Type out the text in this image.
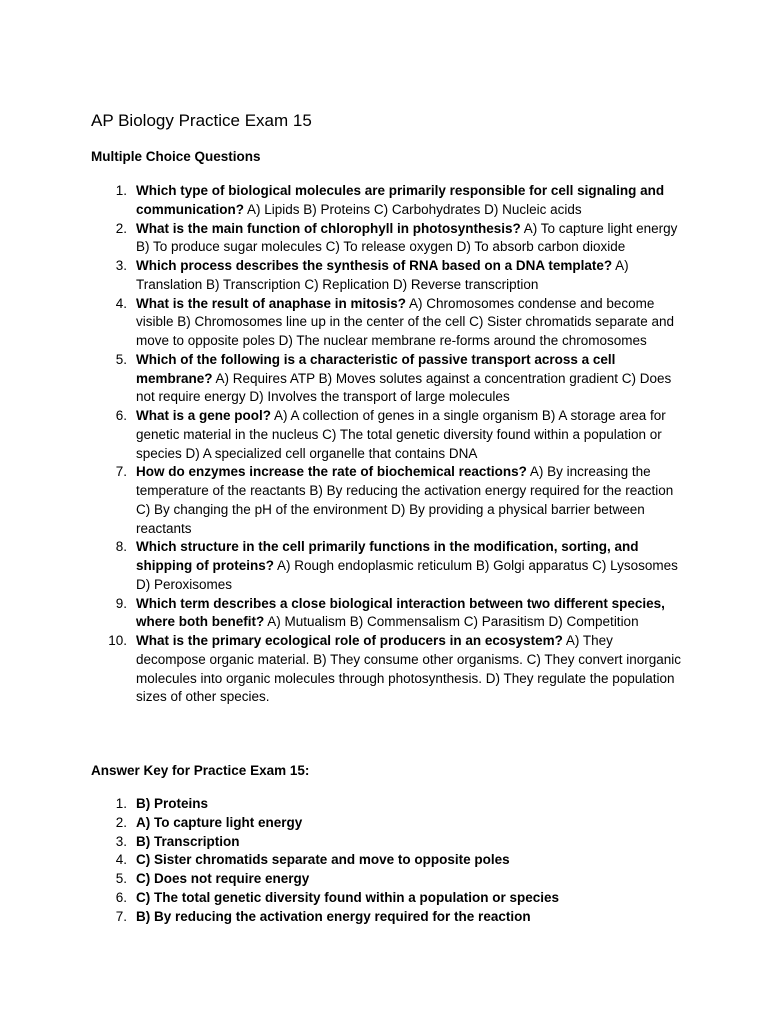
AP Biology Practice Exam 15
Multiple Choice Questions
1. Which type of biological molecules are primarily responsible for cell signaling and communication? A) Lipids B) Proteins C) Carbohydrates D) Nucleic acids
2. What is the main function of chlorophyll in photosynthesis? A) To capture light energy B) To produce sugar molecules C) To release oxygen D) To absorb carbon dioxide
3. Which process describes the synthesis of RNA based on a DNA template? A) Translation B) Transcription C) Replication D) Reverse transcription
4. What is the result of anaphase in mitosis? A) Chromosomes condense and become visible B) Chromosomes line up in the center of the cell C) Sister chromatids separate and move to opposite poles D) The nuclear membrane re-forms around the chromosomes
5. Which of the following is a characteristic of passive transport across a cell membrane? A) Requires ATP B) Moves solutes against a concentration gradient C) Does not require energy D) Involves the transport of large molecules
6. What is a gene pool? A) A collection of genes in a single organism B) A storage area for genetic material in the nucleus C) The total genetic diversity found within a population or species D) A specialized cell organelle that contains DNA
7. How do enzymes increase the rate of biochemical reactions? A) By increasing the temperature of the reactants B) By reducing the activation energy required for the reaction C) By changing the pH of the environment D) By providing a physical barrier between reactants
8. Which structure in the cell primarily functions in the modification, sorting, and shipping of proteins? A) Rough endoplasmic reticulum B) Golgi apparatus C) Lysosomes D) Peroxisomes
9. Which term describes a close biological interaction between two different species, where both benefit? A) Mutualism B) Commensalism C) Parasitism D) Competition
10. What is the primary ecological role of producers in an ecosystem? A) They decompose organic material. B) They consume other organisms. C) They convert inorganic molecules into organic molecules through photosynthesis. D) They regulate the population sizes of other species.
Answer Key for Practice Exam 15:
1. B) Proteins
2. A) To capture light energy
3. B) Transcription
4. C) Sister chromatids separate and move to opposite poles
5. C) Does not require energy
6. C) The total genetic diversity found within a population or species
7. B) By reducing the activation energy required for the reaction
